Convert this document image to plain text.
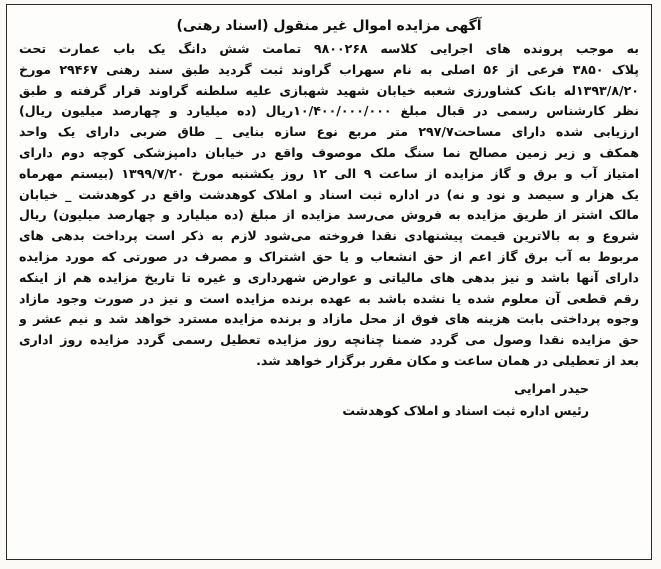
آگهی مزایده اموال غیر منقول (اسناد رهنی)
به موجب پرونده های اجرایی کلاسه ۹۸۰۰۲۶۸ تمامت شش دانگ یک باب عمارت تحت
پلاک ۳۸۵۰ فرعی از ۵۶ اصلی به نام سهراب گراوند ثبت گردید طبق سند رهنی ۲۹۴۶۷ مورخ
۱۳۹۳/۸/۲۰له بانک کشاورزی شعبه خیابان شهید شهبازی علیه سلطنه گراوند قرار گرفته و طبق
نظر کارشناس رسمی در قبال مبلغ ۱۰/۴۰۰/۰۰۰/۰۰۰ریال (ده میلیارد و چهارصد میلیون ریال)
ارزیابی شده دارای مساحت۲۹۷/۷ متر مربع نوع سازه بنایی _ طاق ضربی دارای یک واحد
همکف و زیر زمین مصالح نما سنگ ملک موصوف واقع در خیابان دامپزشکی کوچه دوم دارای
امتیاز آب و برق و گاز مزایده از ساعت ۹ الی ۱۲ روز یکشنبه مورخ ۱۳۹۹/۷/۲۰ (بیستم مهرماه
یک هزار و سیصد و نود و نه) در اداره ثبت اسناد و املاک کوهدشت واقع در کوهدشت _ خیابان
مالک اشتر از طریق مزایده به فروش می‌رسد مزایده از مبلغ (ده میلیارد و چهارصد میلیون) ریال
شروع و به بالاترین قیمت پیشنهادی نقدا فروخته می‌شود لازم به ذکر است پرداخت بدهی های
مربوط به آب برق گاز اعم از حق انشعاب و یا حق اشتراک و مصرف در صورتی که مورد مزایده
دارای آنها باشد و نیز بدهی های مالیاتی و عوارض شهرداری و غیره تا تاریخ مزایده هم از اینکه
رقم قطعی آن معلوم شده یا نشده باشد به عهده برنده مزایده است و نیز در صورت وجود مازاد
وجوه پرداختی بابت هزینه های فوق از محل مازاد و برنده مزایده مسترد خواهد شد و نیم عشر و
حق مزایده نقدا وصول می گردد ضمنا چنانچه روز مزایده تعطیل رسمی گردد مزایده روز اداری
بعد از تعطیلی در همان ساعت و مکان مقرر برگزار خواهد شد.
حیدر امرایی
رئیس اداره ثبت اسناد و املاک کوهدشت
